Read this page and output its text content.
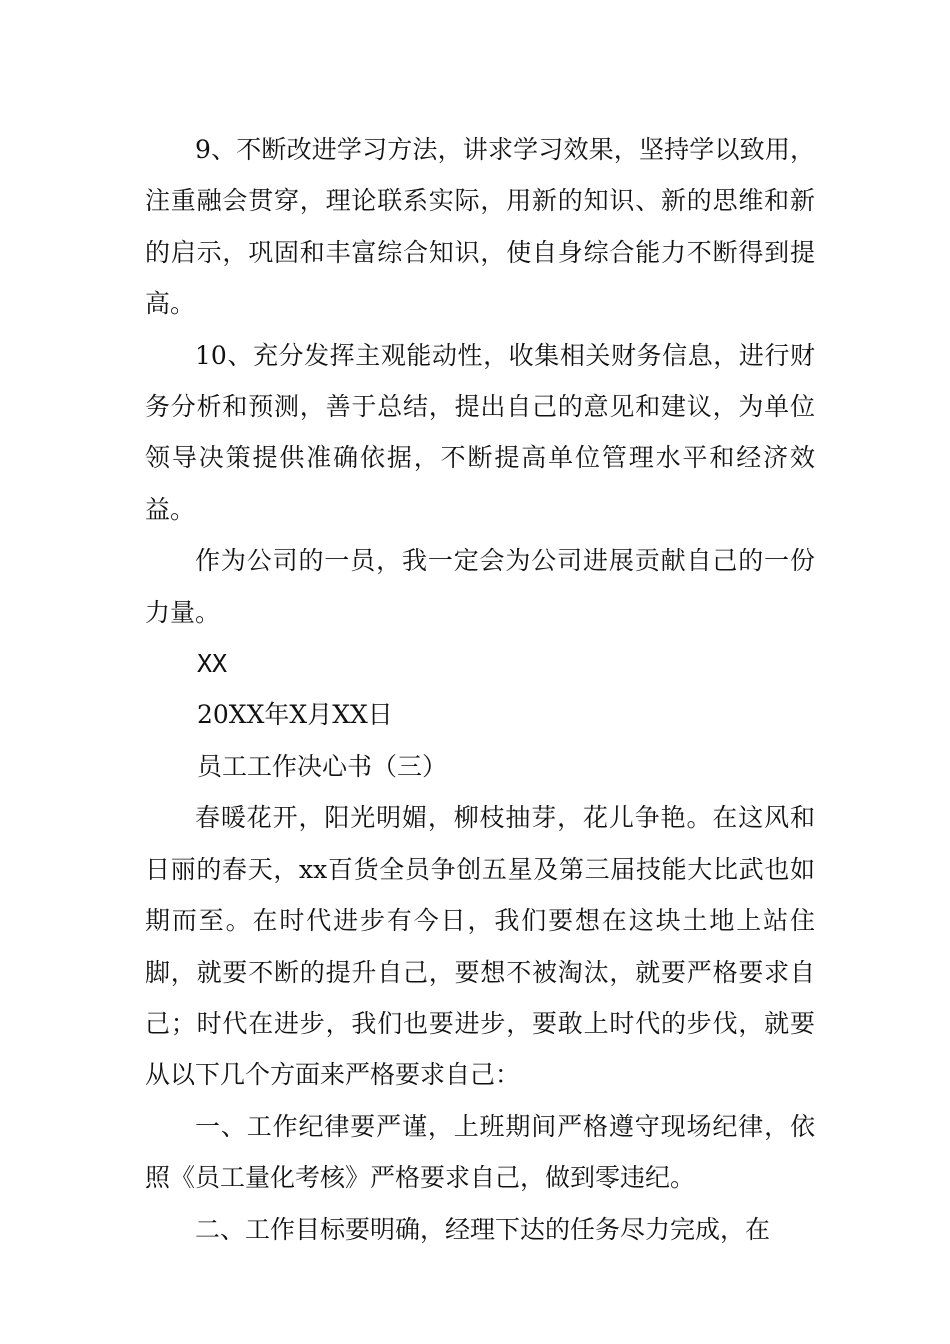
9、不断改进学习方法，讲求学习效果，坚持学以致用，注重融会贯穿，理论联系实际，用新的知识、新的思维和新的启示，巩固和丰富综合知识，使自身综合能力不断得到提高。

10、充分发挥主观能动性，收集相关财务信息，进行财务分析和预测，善于总结，提出自己的意见和建议，为单位领导决策提供准确依据，不断提高单位管理水平和经济效益。

作为公司的一员，我一定会为公司进展贡献自己的一份力量。

XX

20XX年X月XX日

员工工作决心书（三）

春暖花开，阳光明媚，柳枝抽芽，花儿争艳。在这风和日丽的春天，xx百货全员争创五星及第三届技能大比武也如期而至。在时代进步有今日，我们要想在这块土地上站住脚，就要不断的提升自己，要想不被淘汰，就要严格要求自己；时代在进步，我们也要进步，要敢上时代的步伐，就要从以下几个方面来严格要求自己：

一、工作纪律要严谨，上班期间严格遵守现场纪律，依照《员工量化考核》严格要求自己，做到零违纪。

二、工作目标要明确，经理下达的任务尽力完成，在
